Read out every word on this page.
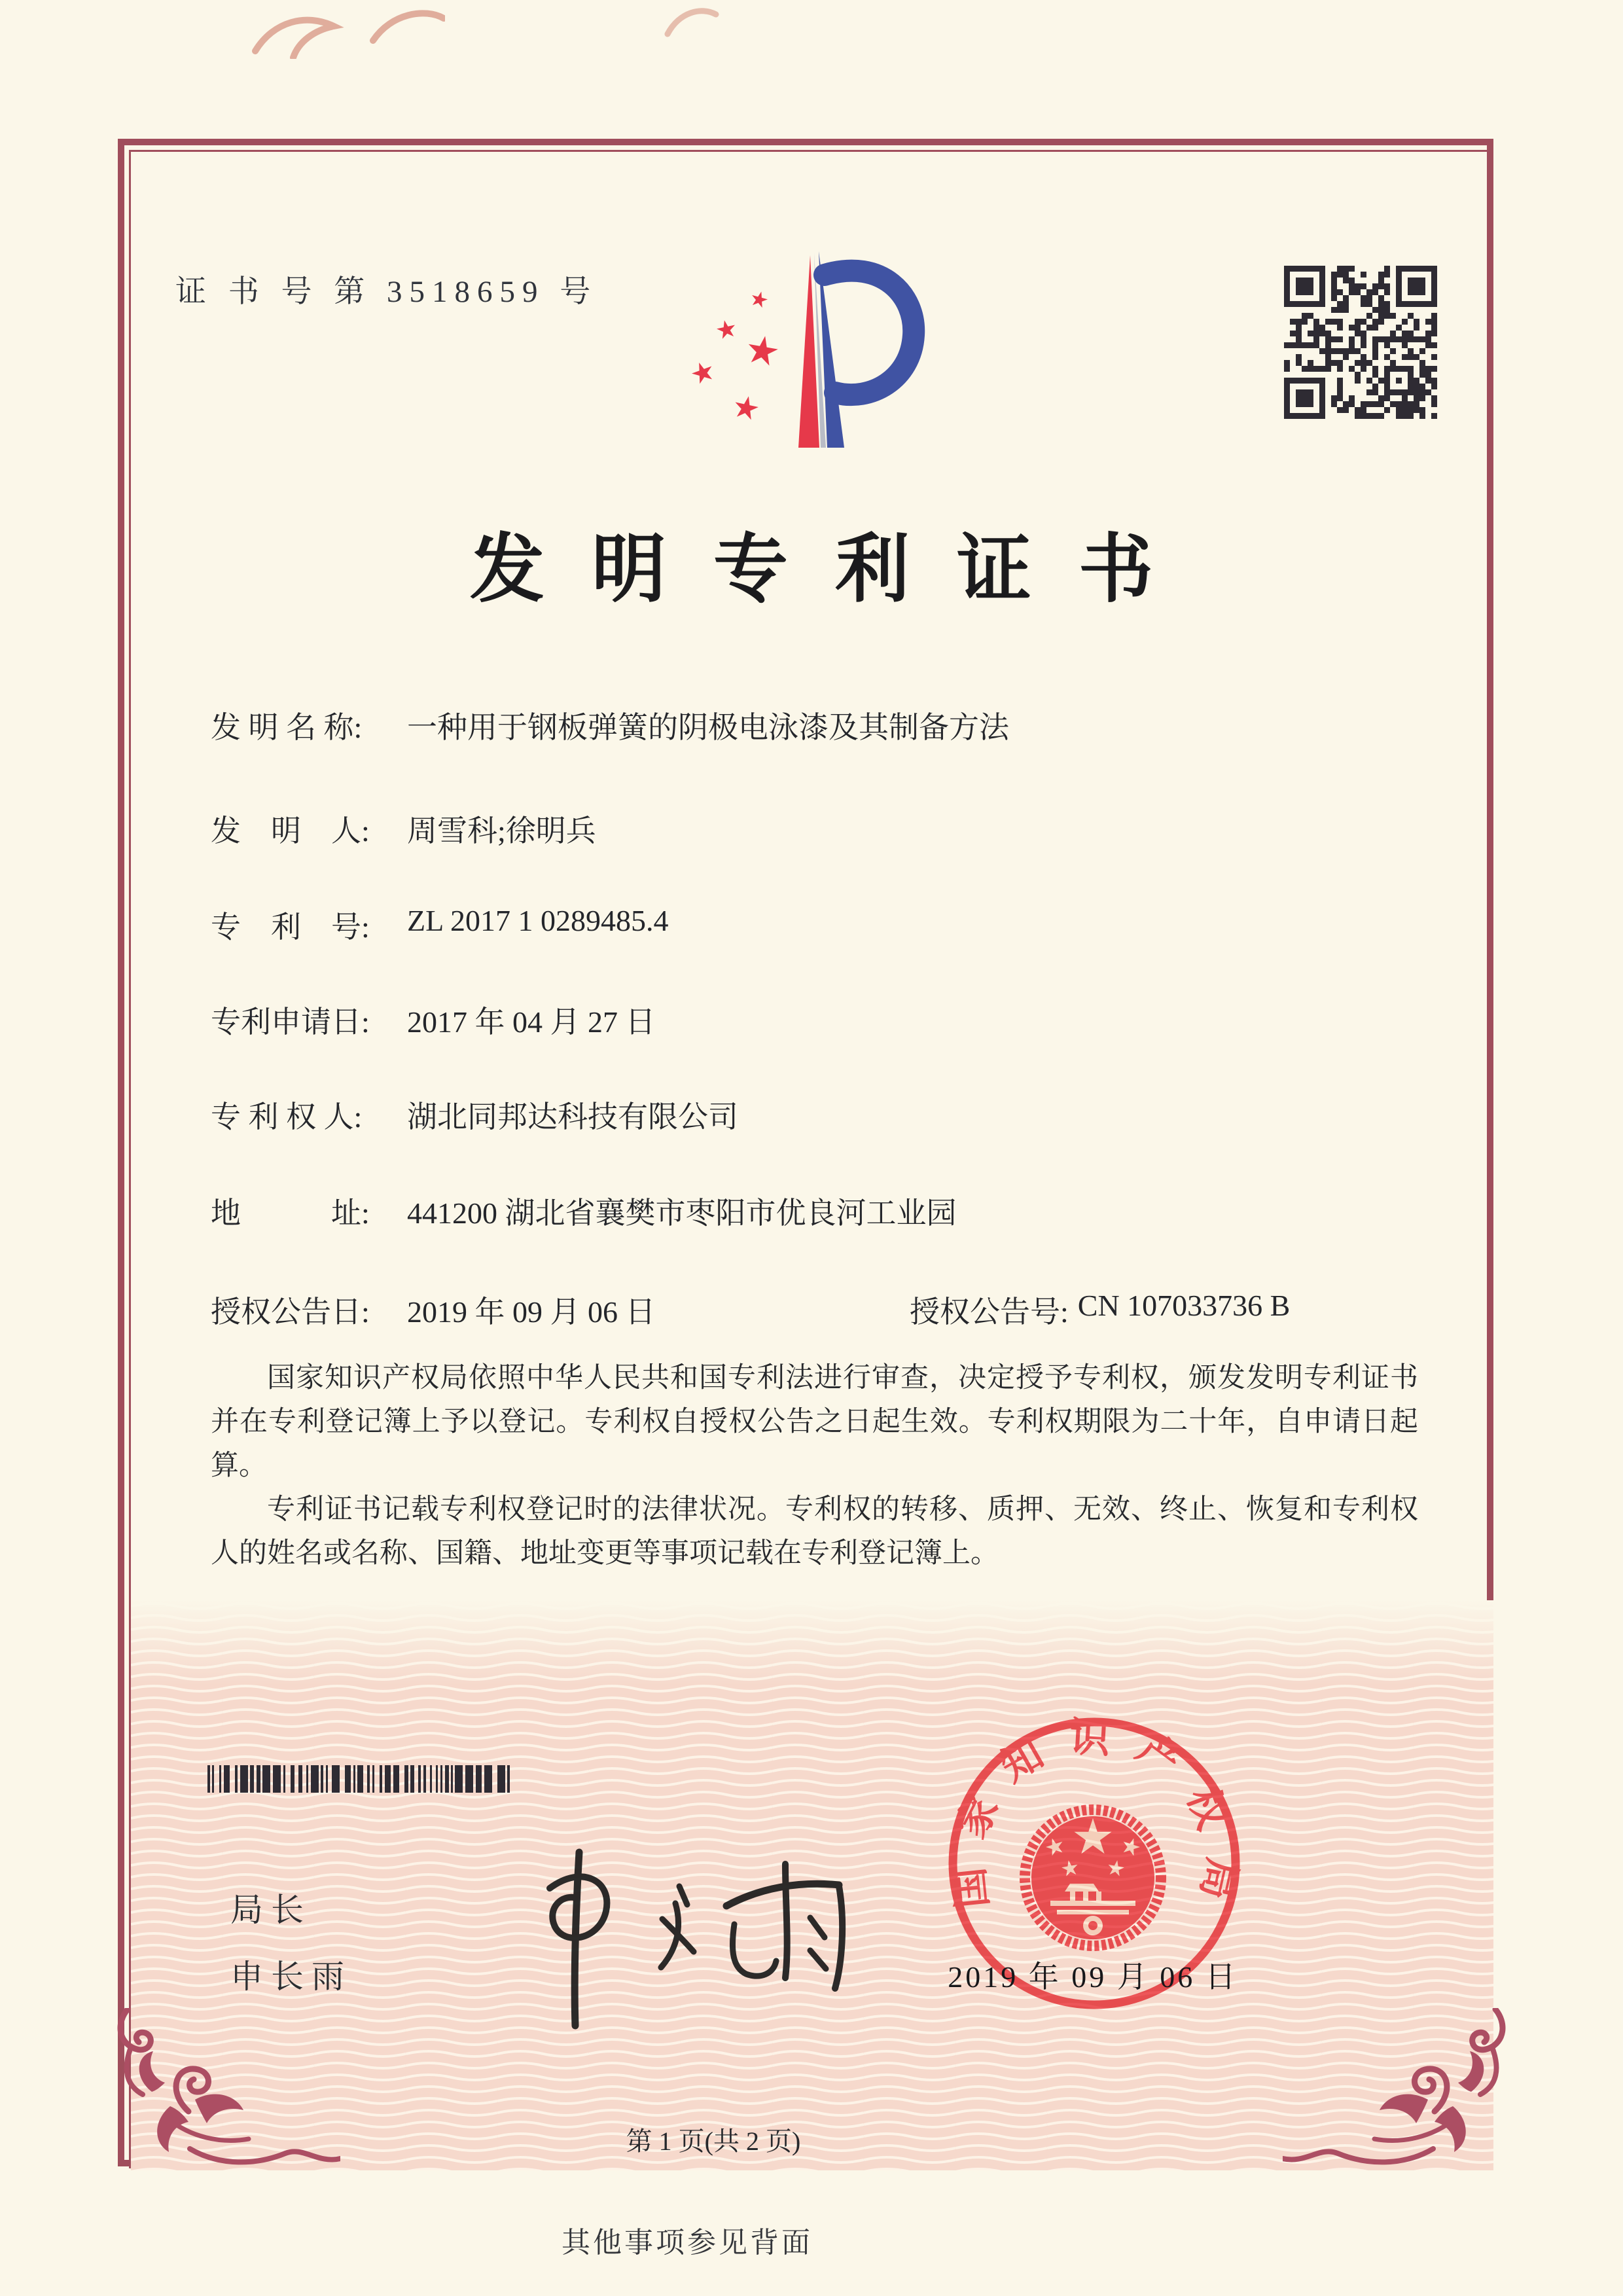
证 书 号 第 3518659 号
发明专利证书
发 明 名 称:	一种用于钢板弹簧的阴极电泳漆及其制备方法
发　明　人:	周雪科;徐明兵
专　利　号:	ZL 2017 1 0289485.4
专利申请日:	2017 年 04 月 27 日
专 利 权 人:	湖北同邦达科技有限公司
地　　　址:	441200 湖北省襄樊市枣阳市优良河工业园
授权公告日:	2019 年 09 月 06 日	授权公告号: CN 107033736 B

国家知识产权局依照中华人民共和国专利法进行审查，决定授予专利权，颁发发明专利证书并在专利登记簿上予以登记。专利权自授权公告之日起生效。专利权期限为二十年，自申请日起算。

专利证书记载专利权登记时的法律状况。专利权的转移、质押、无效、终止、恢复和专利权人的姓名或名称、国籍、地址变更等事项记载在专利登记簿上。

局长
申长雨
国家知识产权局
2019 年 09 月 06 日
第 1 页(共 2 页)
其他事项参见背面
